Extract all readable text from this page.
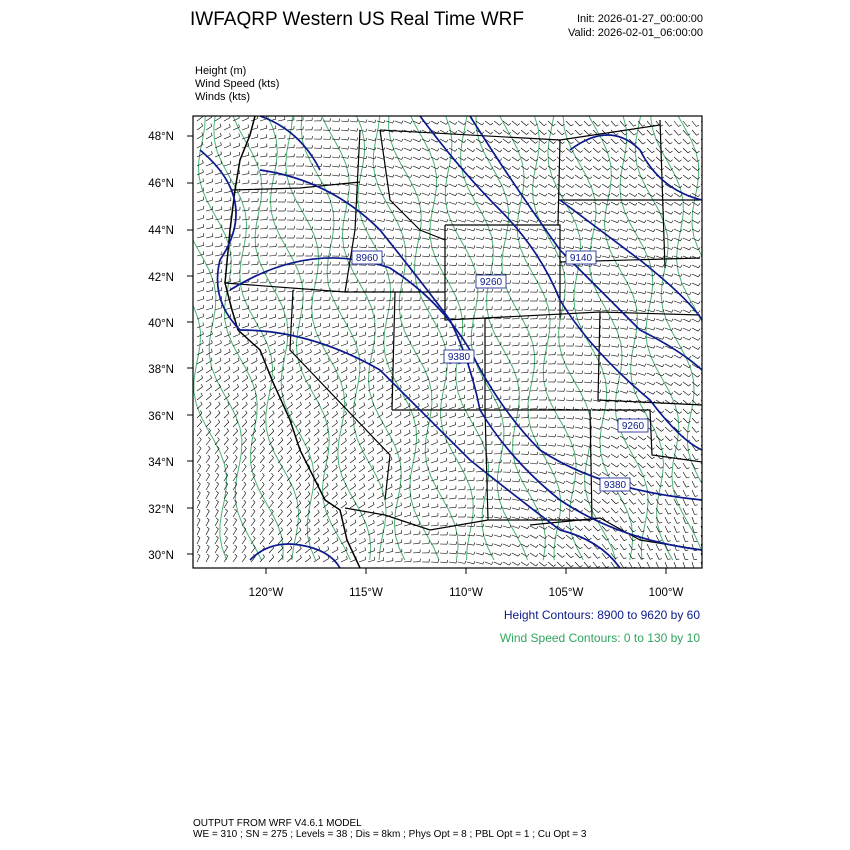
IWFAQRP Western US Real Time WRF	Init: 2026-01-27_00:00:00
Valid: 2026-02-01_06:00:00
Height (m)
Wind Speed (kts)
Winds (kts)
8960
9260
9140
9380
9260
9380
48°N
46°N
44°N
42°N
40°N
38°N
36°N
34°N
32°N
30°N
120°W	115°W	110°W	105°W	100°W
Height Contours: 8900 to 9620 by 60
Wind Speed Contours: 0 to 130 by 10
OUTPUT FROM WRF V4.6.1 MODEL
WE = 310 ; SN = 275 ; Levels = 38 ; Dis = 8km ; Phys Opt = 8 ; PBL Opt = 1 ; Cu Opt = 3
